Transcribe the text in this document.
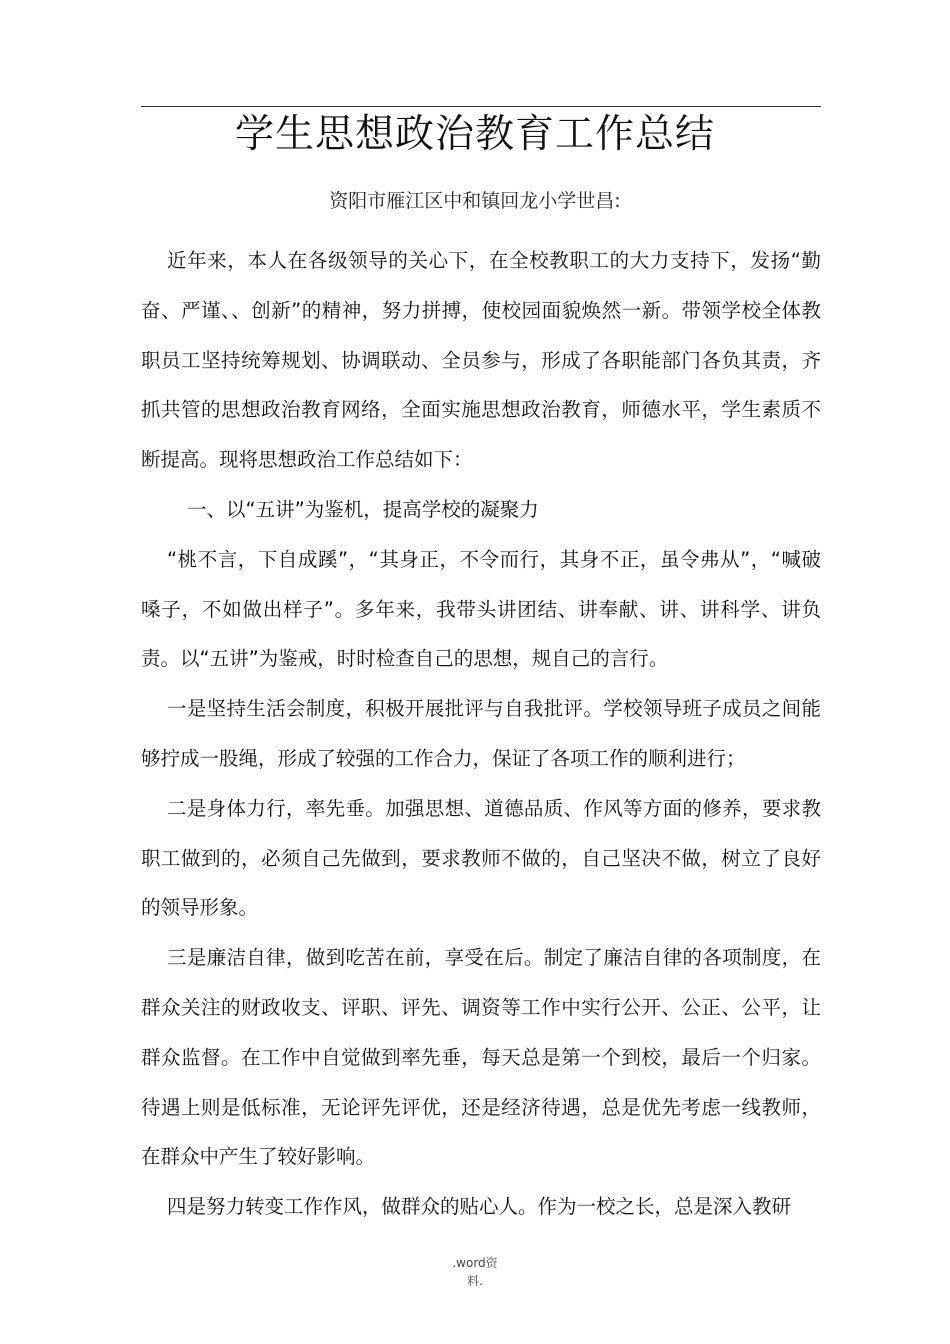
学生思想政治教育工作总结
资阳市雁江区中和镇回龙小学世昌:

近年来，本人在各级领导的关心下，在全校教职工的大力支持下，发扬“勤奋、严谨、、创新”的精神，努力拼搏，使校园面貌焕然一新。带领学校全体教职员工坚持统筹规划、协调联动、全员参与，形成了各职能部门各负其责，齐抓共管的思想政治教育网络，全面实施思想政治教育，师德水平，学生素质不断提高。现将思想政治工作总结如下：

一、以“五讲”为鉴机，提高学校的凝聚力

“桃不言，下自成蹊”，“其身正，不令而行，其身不正，虽令弗从”，“喊破嗓子，不如做出样子”。多年来，我带头讲团结、讲奉献、讲、讲科学、讲负责。以“五讲”为鉴戒，时时检查自己的思想，规自己的言行。

一是坚持生活会制度，积极开展批评与自我批评。学校领导班子成员之间能够拧成一股绳，形成了较强的工作合力，保证了各项工作的顺利进行；

二是身体力行，率先垂。加强思想、道德品质、作风等方面的修养，要求教职工做到的，必须自己先做到，要求教师不做的，自己坚决不做，树立了良好的领导形象。

三是廉洁自律，做到吃苦在前，享受在后。制定了廉洁自律的各项制度，在群众关注的财政收支、评职、评先、调资等工作中实行公开、公正、公平，让群众监督。在工作中自觉做到率先垂，每天总是第一个到校，最后一个归家。待遇上则是低标准，无论评先评优，还是经济待遇，总是优先考虑一线教师，在群众中产生了较好影响。

四是努力转变工作作风，做群众的贴心人。作为一校之长，总是深入教研

.word资
料.
